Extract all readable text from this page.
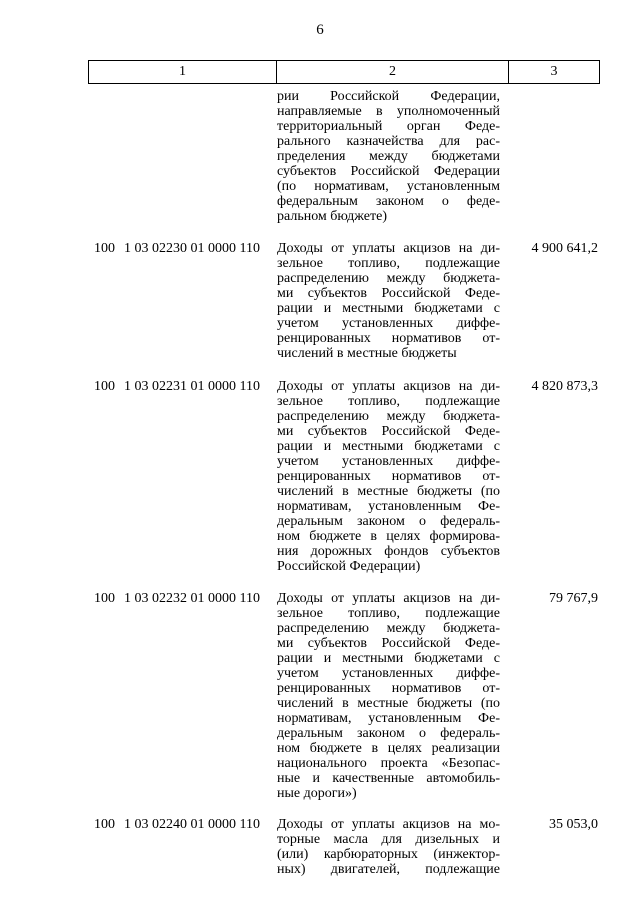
6
1	2	3
рии Российской Федерации,
направляемые в уполномоченный
территориальный орган Феде-
рального казначейства для рас-
пределения между бюджетами
субъектов Российской Федерации
(по нормативам, установленным
федеральным законом о феде-
ральном бюджете)
100 1 03 02230 01 0000 110 Доходы от уплаты акцизов на ди-
зельное топливо, подлежащие
распределению между бюджета-
ми субъектов Российской Феде-
рации и местными бюджетами с
учетом установленных диффе-
ренцированных нормативов от-
числений в местные бюджеты
4 900 641,2
100 1 03 02231 01 0000 110 Доходы от уплаты акцизов на ди-
зельное топливо, подлежащие
распределению между бюджета-
ми субъектов Российской Феде-
рации и местными бюджетами с
учетом установленных диффе-
ренцированных нормативов от-
числений в местные бюджеты (по
нормативам, установленным Фе-
деральным законом о федераль-
ном бюджете в целях формирова-
ния дорожных фондов субъектов
Российской Федерации)
4 820 873,3
100 1 03 02232 01 0000 110 Доходы от уплаты акцизов на ди-
зельное топливо, подлежащие
распределению между бюджета-
ми субъектов Российской Феде-
рации и местными бюджетами с
учетом установленных диффе-
ренцированных нормативов от-
числений в местные бюджеты (по
нормативам, установленным Фе-
деральным законом о федераль-
ном бюджете в целях реализации
национального проекта «Безопас-
ные и качественные автомобиль-
ные дороги»)
79 767,9
100 1 03 02240 01 0000 110 Доходы от уплаты акцизов на мо-
торные масла для дизельных и
(или) карбюраторных (инжектор-
ных) двигателей, подлежащие
35 053,0
